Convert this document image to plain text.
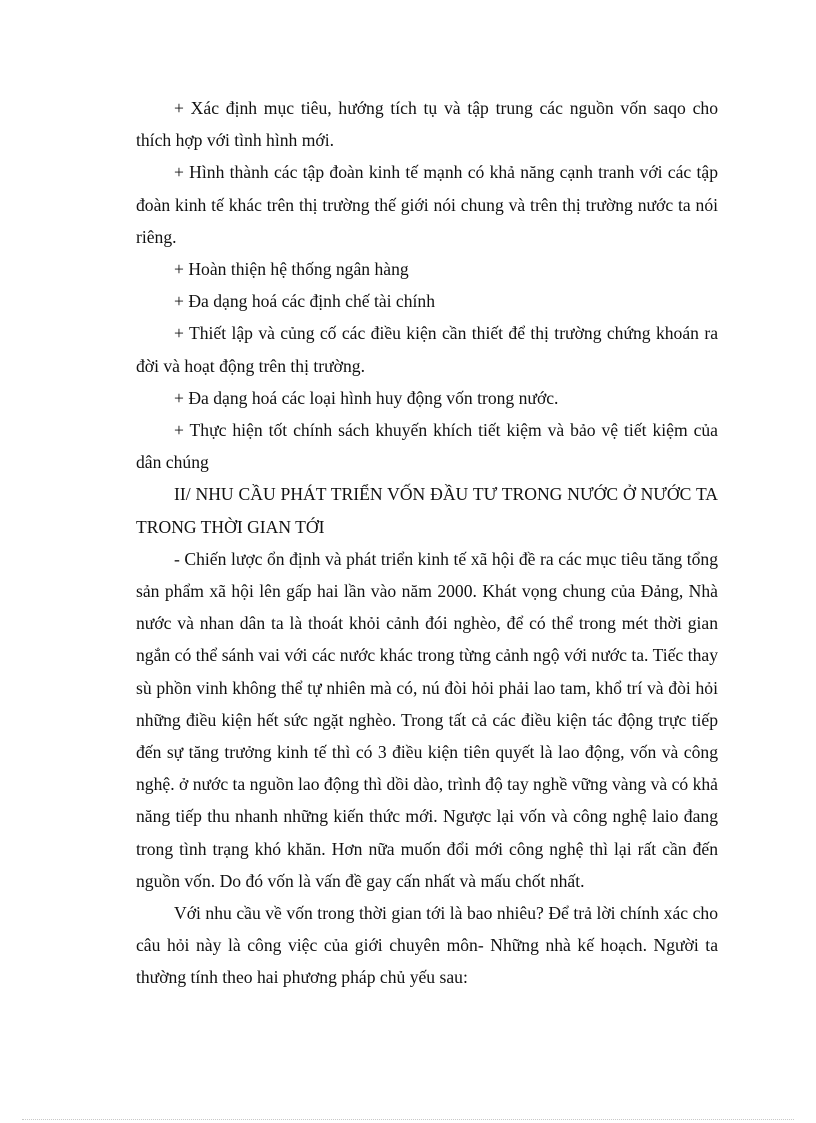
+ Xác định mục tiêu, hướng tích tụ và tập trung các nguồn vốn saqo cho thích hợp với tình hình mới.

+ Hình thành các tập đoàn kinh tế mạnh có khả năng cạnh tranh với các tập đoàn kinh tế khác trên thị trường thế giới nói chung và trên thị trường nước ta nói riêng.

+ Hoàn thiện hệ thống ngân hàng

+ Đa dạng hoá các định chế tài chính

+ Thiết lập và củng cố các điều kiện cần thiết để thị trường chứng khoán ra đời và hoạt động trên thị trường.

+ Đa dạng hoá các loại hình huy động vốn trong nước.

+ Thực hiện tốt chính sách khuyến khích tiết kiệm và bảo vệ tiết kiệm của dân chúng

II/ NHU CẦU PHÁT TRIỂN VỐN ĐẦU TƯ TRONG NƯỚC Ở NƯỚC TA TRONG THỜI GIAN TỚI

- Chiến lược ổn định và phát triển kinh tế xã hội đề ra các mục tiêu tăng tổng sản phẩm xã hội lên gấp hai lần vào năm 2000. Khát vọng chung của Đảng, Nhà nước và nhan dân ta là thoát khỏi cảnh đói nghèo, để có thể trong mét thời gian ngắn có thể sánh vai với các nước khác trong từng cảnh ngộ với nước ta. Tiếc thay sù phồn vinh không thể tự nhiên mà có, nú đòi hỏi phải lao tam, khổ trí và đòi hỏi những điều kiện hết sức ngặt nghèo. Trong tất cả các điều kiện tác động trực tiếp đến sự tăng trưởng kinh tế thì có 3 điều kiện tiên quyết là lao động, vốn và công nghệ. ở nước ta nguồn lao động thì dồi dào, trình độ tay nghề vững vàng và có khả năng tiếp thu nhanh những kiến thức mới. Ngược lại vốn và công nghệ laio đang trong tình trạng khó khăn. Hơn nữa muốn đổi mới công nghệ thì lại rất cần đến nguồn vốn. Do đó vốn là vấn đề gay cấn nhất và mấu chốt nhất.

Với nhu cầu về vốn trong thời gian tới là bao nhiêu? Để trả lời chính xác cho câu hỏi này là công việc của giới chuyên môn- Những nhà kế hoạch. Người ta thường tính theo hai phương pháp chủ yếu sau:
